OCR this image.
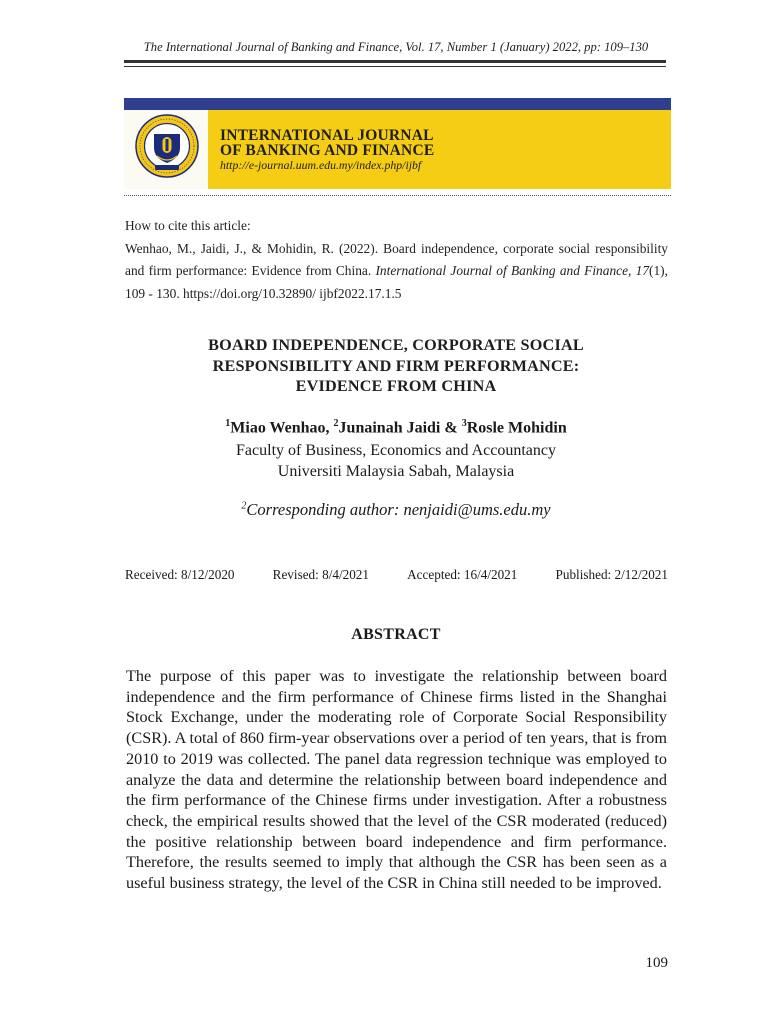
The International Journal of Banking and Finance, Vol. 17, Number 1 (January) 2022, pp: 109–130
INTERNATIONAL JOURNAL
OF BANKING AND FINANCE
http://e-journal.uum.edu.my/index.php/ijbf
How to cite this article:
Wenhao, M., Jaidi, J., & Mohidin, R. (2022). Board independence, corporate social responsibility and firm performance: Evidence from China. International Journal of Banking and Finance, 17(1), 109 - 130. https://doi.org/10.32890/ ijbf2022.17.1.5
BOARD INDEPENDENCE, CORPORATE SOCIAL
RESPONSIBILITY AND FIRM PERFORMANCE:
EVIDENCE FROM CHINA
$^1$Miao Wenhao, $^2$Junainah Jaidi & $^3$Rosle Mohidin
Faculty of Business, Economics and Accountancy
Universiti Malaysia Sabah, Malaysia
$^2$Corresponding author: nenjaidi@ums.edu.my
Received: 8/12/2020	Revised: 8/4/2021	Accepted: 16/4/2021	Published: 2/12/2021
ABSTRACT
The purpose of this paper was to investigate the relationship between board independence and the firm performance of Chinese firms listed in the Shanghai Stock Exchange, under the moderating role of Corporate Social Responsibility (CSR). A total of 860 firm-year observations over a period of ten years, that is from 2010 to 2019 was collected. The panel data regression technique was employed to analyze the data and determine the relationship between board independence and the firm performance of the Chinese firms under investigation. After a robustness check, the empirical results showed that the level of the CSR moderated (reduced) the positive relationship between board independence and firm performance. Therefore, the results seemed to imply that although the CSR has been seen as a useful business strategy, the level of the CSR in China still needed to be improved.
109
